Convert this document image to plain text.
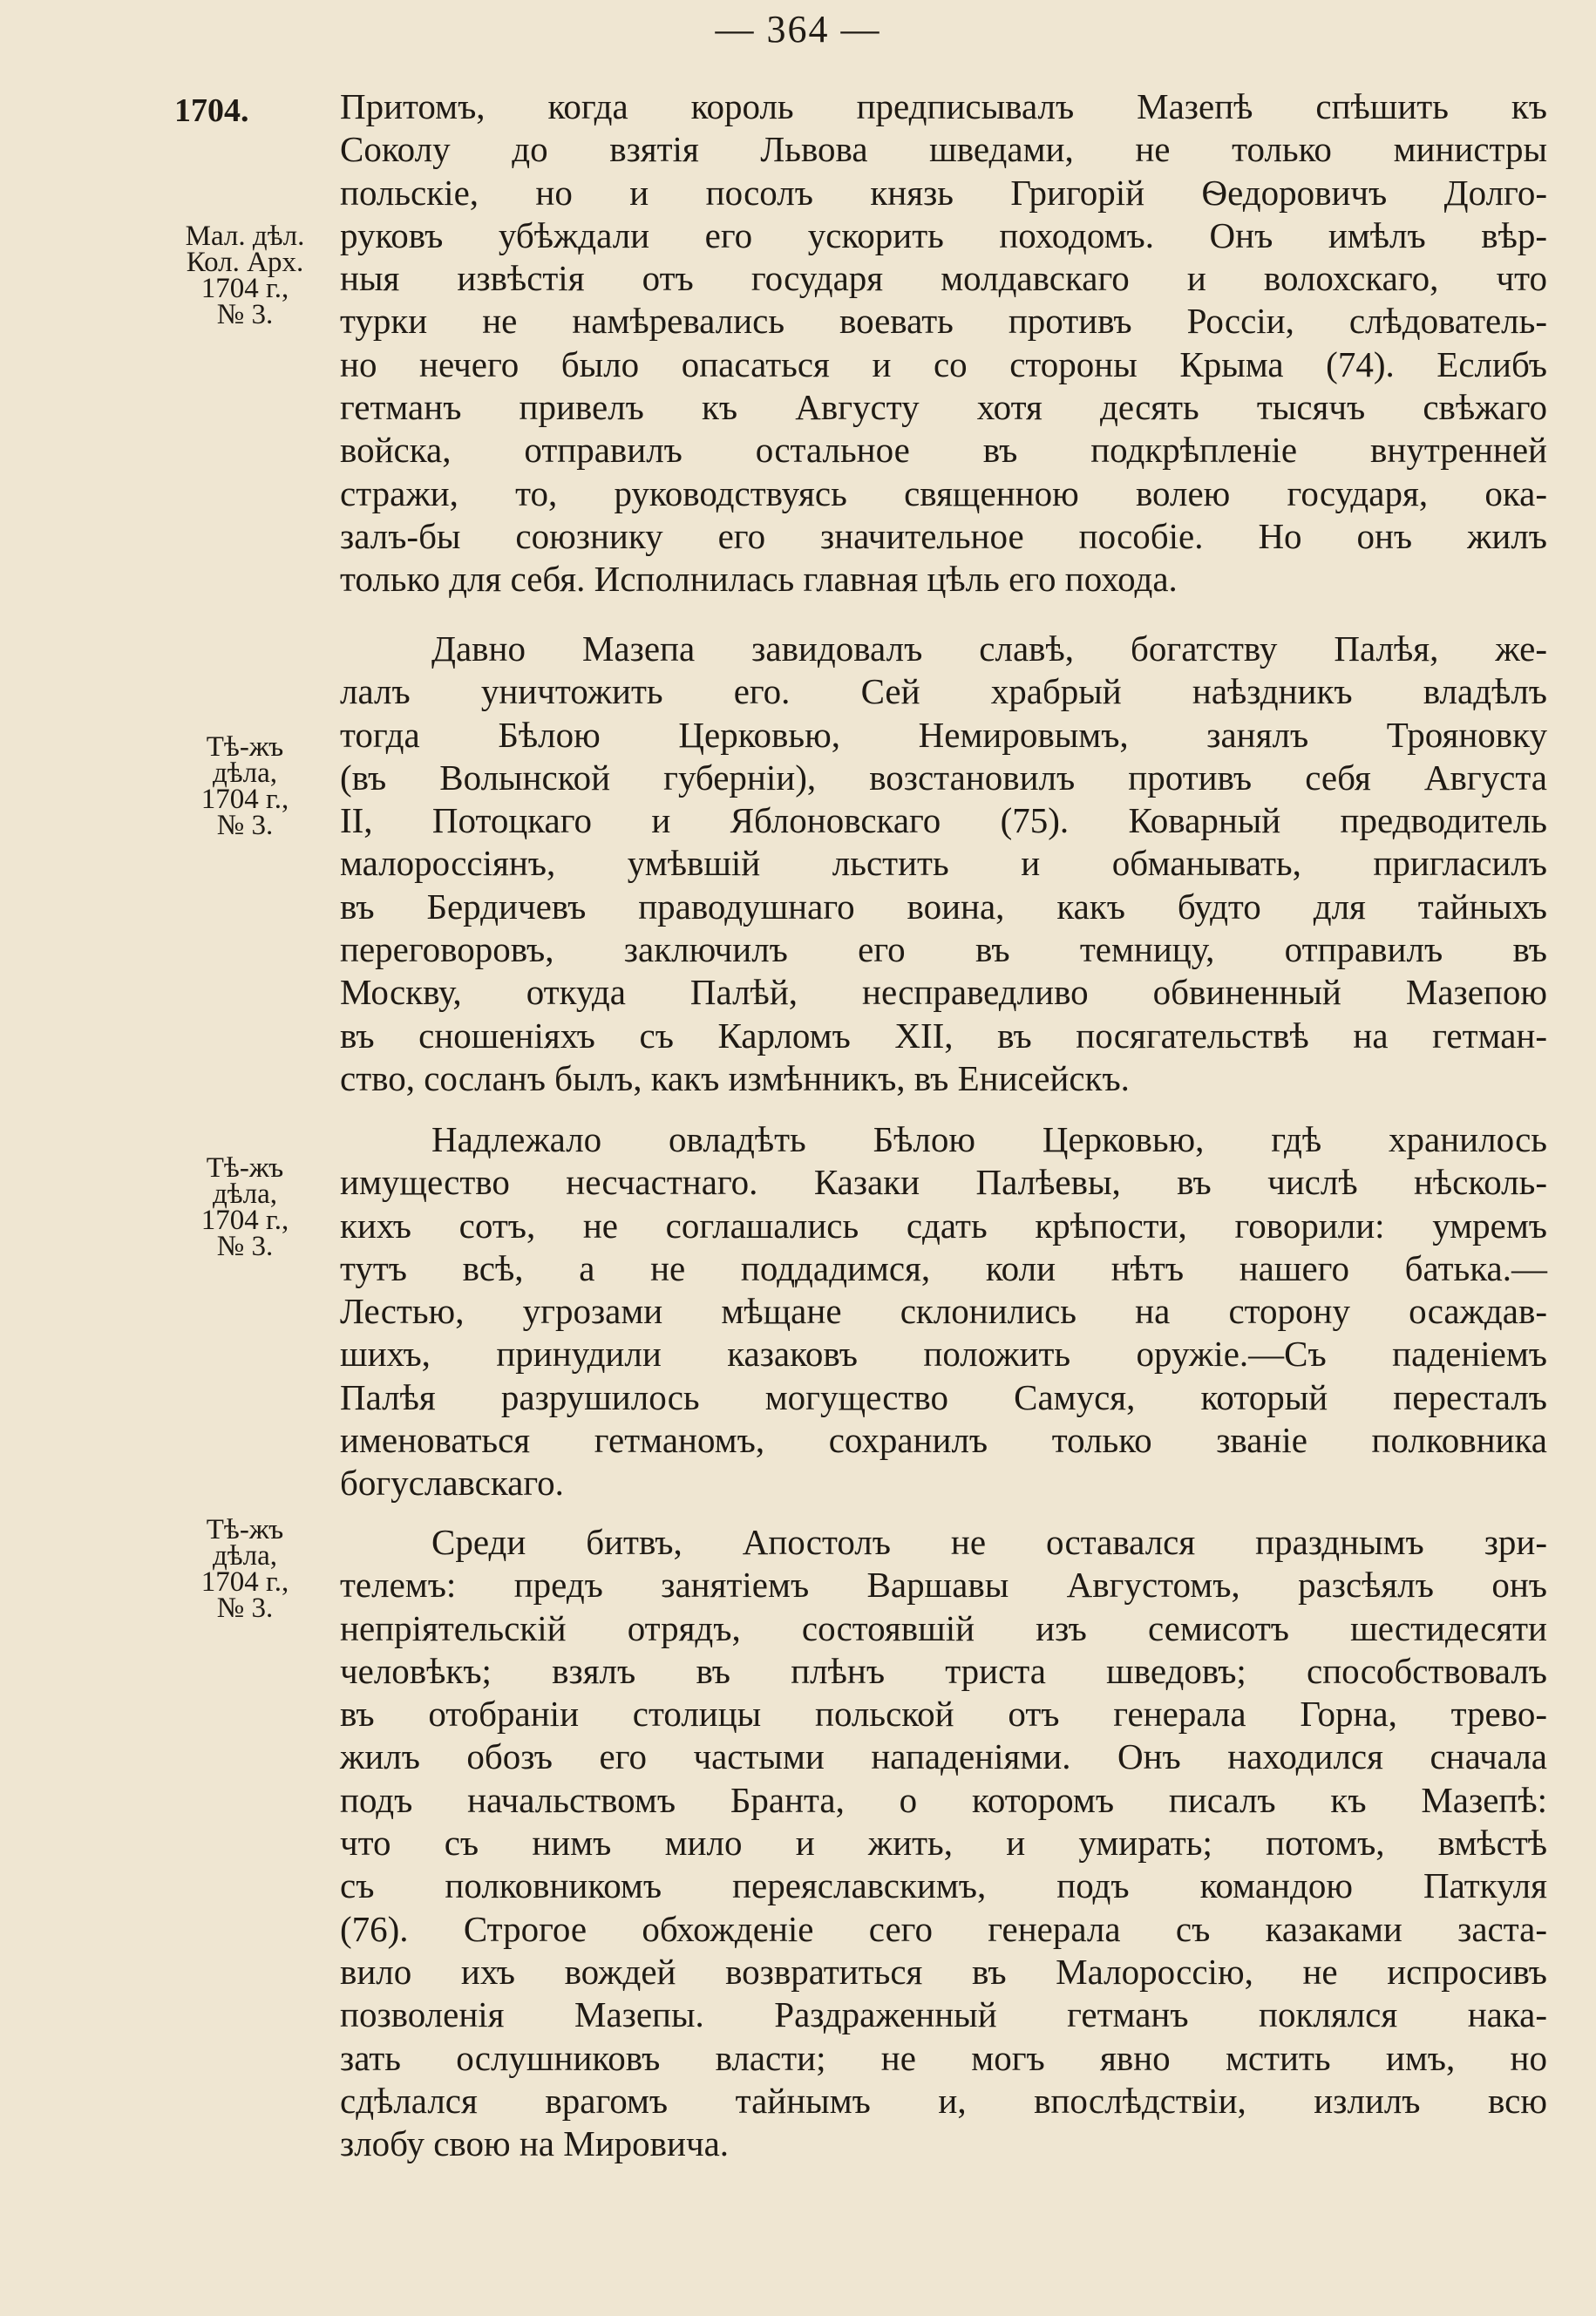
— 364 —
1704.
Мал. дѣл.
Кол. Арх.
1704 г.,
№ 3.
Тѣ-жъ
дѣла,
1704 г.,
№ 3.
Тѣ-жъ
дѣла,
1704 г.,
№ 3.
Тѣ-жъ
дѣла,
1704 г.,
№ 3.
Притомъ, когда король предписывалъ Мазепѣ спѣшить къ
Соколу до взятія Львова шведами, не только министры
польскіе, но и посолъ князь Григорій Ѳедоровичъ Долго-
руковъ убѣждали его ускорить походомъ. Онъ имѣлъ вѣр-
ныя извѣстія отъ государя молдавскаго и волохскаго, что
турки не намѣревались воевать противъ Россіи, слѣдователь-
но нечего было опасаться и со стороны Крыма (74). Еслибъ
гетманъ привелъ къ Августу хотя десять тысячъ свѣжаго
войска, отправилъ остальное въ подкрѣпленіе внутренней
стражи, то, руководствуясь священною волею государя, ока-
залъ-бы союзнику его значительное пособіе. Но онъ жилъ
только для себя. Исполнилась главная цѣль его похода.
Давно Мазепа завидовалъ славѣ, богатству Палѣя, же-
лалъ уничтожить его. Сей храбрый наѣздникъ владѣлъ
тогда Бѣлою Церковью, Немировымъ, занялъ Трояновку
(въ Волынской губерніи), возстановилъ противъ себя Августа
II, Потоцкаго и Яблоновскаго (75). Коварный предводитель
малороссіянъ, умѣвшій льстить и обманывать, пригласилъ
въ Бердичевъ праводушнаго воина, какъ будто для тайныхъ
переговоровъ, заключилъ его въ темницу, отправилъ въ
Москву, откуда Палѣй, несправедливо обвиненный Мазепою
въ сношеніяхъ съ Карломъ XII, въ посягательствѣ на гетман-
ство, сосланъ былъ, какъ измѣнникъ, въ Енисейскъ.
Надлежало овладѣть Бѣлою Церковью, гдѣ хранилось
имущество несчастнаго. Казаки Палѣевы, въ числѣ нѣсколь-
кихъ сотъ, не соглашались сдать крѣпости, говорили: умремъ
тутъ всѣ, а не поддадимся, коли нѣтъ нашего батька.—
Лестью, угрозами мѣщане склонились на сторону осаждав-
шихъ, принудили казаковъ положить оружіе.—Съ паденіемъ
Палѣя разрушилось могущество Самуся, который пересталъ
именоваться гетманомъ, сохранилъ только званіе полковника
богуславскаго.
Среди битвъ, Апостолъ не оставался празднымъ зри-
телемъ: предъ занятіемъ Варшавы Августомъ, разсѣялъ онъ
непріятельскій отрядъ, состоявшій изъ семисотъ шестидесяти
человѣкъ; взялъ въ плѣнъ триста шведовъ; способствовалъ
въ отобраніи столицы польской отъ генерала Горна, трево-
жилъ обозъ его частыми нападеніями. Онъ находился сначала
подъ начальствомъ Бранта, о которомъ писалъ къ Мазепѣ:
что съ нимъ мило и жить, и умирать; потомъ, вмѣстѣ
съ полковникомъ переяславскимъ, подъ командою Паткуля
(76). Строгое обхожденіе сего генерала съ казаками заста-
вило ихъ вождей возвратиться въ Малороссію, не испросивъ
позволенія Мазепы. Раздраженный гетманъ поклялся нака-
зать ослушниковъ власти; не могъ явно мстить имъ, но
сдѣлался врагомъ тайнымъ и, впослѣдствіи, излилъ всю
злобу свою на Мировича.
